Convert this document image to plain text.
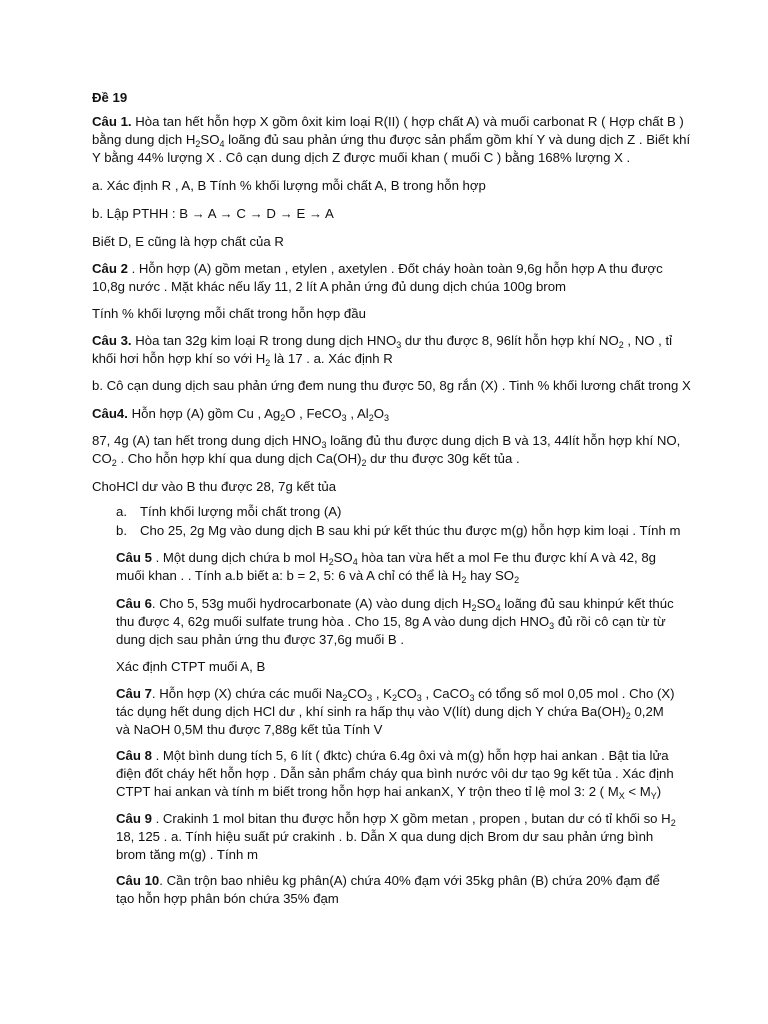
Đề 19

Câu 1. Hòa tan hết hỗn hợp X gồm ôxit kim loại R(II) ( hợp chất A) và muối carbonat R ( Hợp chất B ) bằng dung dịch $H_2SO_4$ loãng đủ sau phản ứng thu được sản phẩm gồm khí Y và dung dịch Z . Biết khí Y bằng 44% lượng X . Cô cạn dung dịch Z được muối khan ( muối C ) bằng 168% lượng X .

a. Xác định R , A, B Tính % khối lượng mỗi chất A, B trong hỗn hợp

b. Lập PTHH : B → A → C → D → E → A

Biết D, E cũng là hợp chất của R

Câu 2 . Hỗn hợp (A) gồm metan , etylen , axetylen . Đốt cháy hoàn toàn 9,6g hỗn hợp A thu được 10,8g nước . Mặt khác nếu lấy 11, 2 lít A phản ứng đủ dung dịch chúa 100g brom

Tính % khối lượng mỗi chất trong hỗn hợp đầu

Câu 3. Hòa tan 32g kim loại R trong dung dịch $HNO_3$ dư thu được 8, 96lít hỗn hợp khí $NO_2$ , NO , tỉ khối hơi hỗn hợp khí so với $H_2$ là 17 . a. Xác định R

b. Cô cạn dung dịch sau phản ứng đem nung thu được 50, 8g rắn (X) . Tinh % khối lương chất trong X

Câu4. Hỗn hợp (A) gồm Cu , $Ag_2O$ , FeCO$_3$ , $Al_2O_3$

87, 4g (A) tan hết trong dung dịch $HNO_3$ loãng đủ thu được dung dịch B và 13, 44lít hỗn hợp khí NO, $CO_2$ . Cho hỗn hợp khí qua dung dịch $Ca(OH)_2$ dư thu được 30g kết tủa .

ChoHCl dư vào B thu được 28, 7g kết tủa

a. Tính khối lượng mỗi chất trong (A)

b. Cho 25, 2g Mg vào dung dịch B sau khi pứ kết thúc thu được m(g) hỗn hợp kim loại . Tính m

Câu 5 . Một dung dịch chứa b mol $H_2SO_4$ hòa tan vừa hết a mol Fe thu được khí A và 42, 8g muối khan . . Tính a.b biết a: b = 2, 5: 6 và A chỉ có thể là $H_2$ hay $SO_2$

Câu 6. Cho 5, 53g muối hydrocarbonate (A) vào dung dịch $H_2SO_4$ loãng đủ sau khinpứ kết thúc thu được 4, 62g muối sulfate trung hòa . Cho 15, 8g A vào dung dịch $HNO_3$ đủ rồi cô cạn từ từ dung dịch sau phản ứng thu được 37,6g muối B .

Xác định CTPT muối A, B

Câu 7. Hỗn hợp (X) chứa các muối $Na_2CO_3$ , $K_2CO_3$ , CaCO$_3$ có tổng số mol 0,05 mol . Cho (X) tác dụng hết dung dịch HCl dư , khí sinh ra hấp thụ vào V(lít) dung dịch Y chứa $Ba(OH)_2$ 0,2M và NaOH 0,5M thu được 7,88g kết tủa Tính V

Câu 8 . Một bình dung tích 5, 6 lít ( đktc) chứa 6.4g ôxi và m(g) hỗn hợp hai ankan . Bật tia lửa điện đốt cháy hết hỗn hợp . Dẫn sản phẩm cháy qua bình nước vôi dư tạo 9g kết tủa . Xác định CTPT hai ankan và tính m biết trong hỗn hợp hai ankanX, Y trộn theo tỉ lệ mol 3: 2 ( $M_X < M_Y$)

Câu 9 . Crakinh 1 mol bitan thu được hỗn hợp X gồm metan , propen , butan dư có tỉ khối so $H_2$ 18, 125 . a. Tính hiệu suất pứ crakinh . b. Dẫn X qua dung dịch Brom dư sau phản ứng bình brom tăng m(g) . Tính m

Câu 10. Cần trộn bao nhiêu kg phân(A) chứa 40% đạm với 35kg phân (B) chứa 20% đạm để tạo hỗn hợp phân bón chứa 35% đạm
